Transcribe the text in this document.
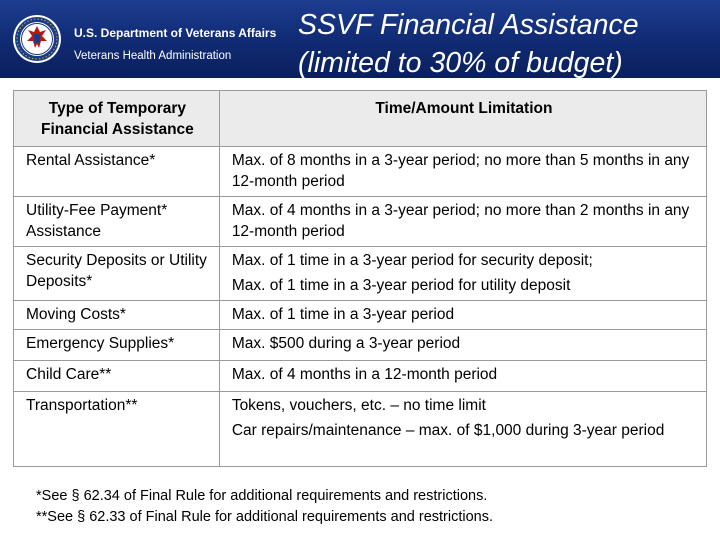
U.S. Department of Veterans Affairs
Veterans Health Administration
SSVF Financial Assistance
(limited to 30% of budget)
Type of Temporary Financial Assistance	Time/Amount Limitation
Rental Assistance*	Max. of 8 months in a 3-year period; no more than 5 months in any 12-month period

Utility-Fee Payment* Assistance	Max. of 4 months in a 3-year period; no more than 2 months in any 12-month period

Security Deposits or Utility Deposits*	Max. of 1 time in a 3-year period for security deposit;
Max. of 1 time in a 3-year period for utility deposit

Moving Costs*	Max. of 1 time in a 3-year period

Emergency Supplies*	Max. $500 during a 3-year period

Child Care**	Max. of 4 months in a 12-month period

Transportation**	Tokens, vouchers, etc. – no time limit
Car repairs/maintenance – max. of $1,000 during 3-year period
*See § 62.34 of Final Rule for additional requirements and restrictions.
**See § 62.33 of Final Rule for additional requirements and restrictions.
